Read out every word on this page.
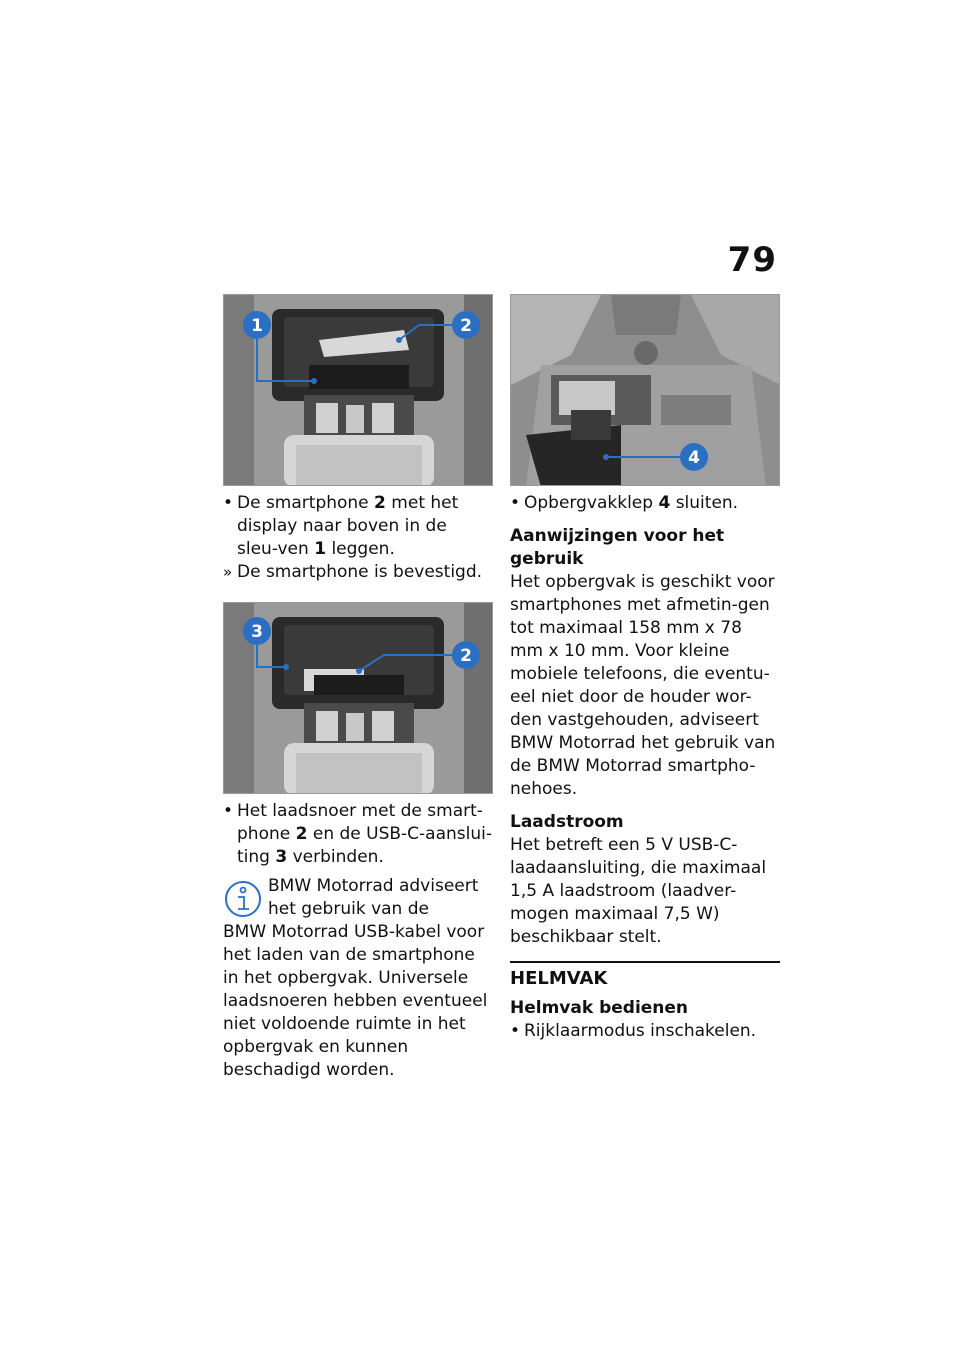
79
1	2
• De smartphone 2 met het display naar boven in de sleu-ven 1 leggen.
» De smartphone is bevestigd.
3
2
• Het laadsnoer met de smart-phone 2 en de USB-C-aanslui-ting 3 verbinden.
BMW Motorrad adviseert
het gebruik van de
BMW Motorrad USB-kabel voor het laden van de smartphone in het opbergvak. Universele laadsnoeren hebben eventueel niet voldoende ruimte in het opbergvak en kunnen beschadigd worden.
4
• Opbergvakklep 4 sluiten.
Aanwijzingen voor het gebruik

Het opbergvak is geschikt voor smartphones met afmetin-gen tot maximaal 158 mm x 78 mm x 10 mm. Voor kleine mobiele telefoons, die eventu-eel niet door de houder wor-den vastgehouden, adviseert BMW Motorrad het gebruik van de BMW Motorrad smartpho-nehoes.

Laadstroom

Het betreft een 5 V USB-C-laadaansluiting, die maximaal 1,5 A laadstroom (laadver-mogen maximaal 7,5 W) beschikbaar stelt.

HELMVAK
Helmvak bedienen
• Rijklaarmodus inschakelen.
